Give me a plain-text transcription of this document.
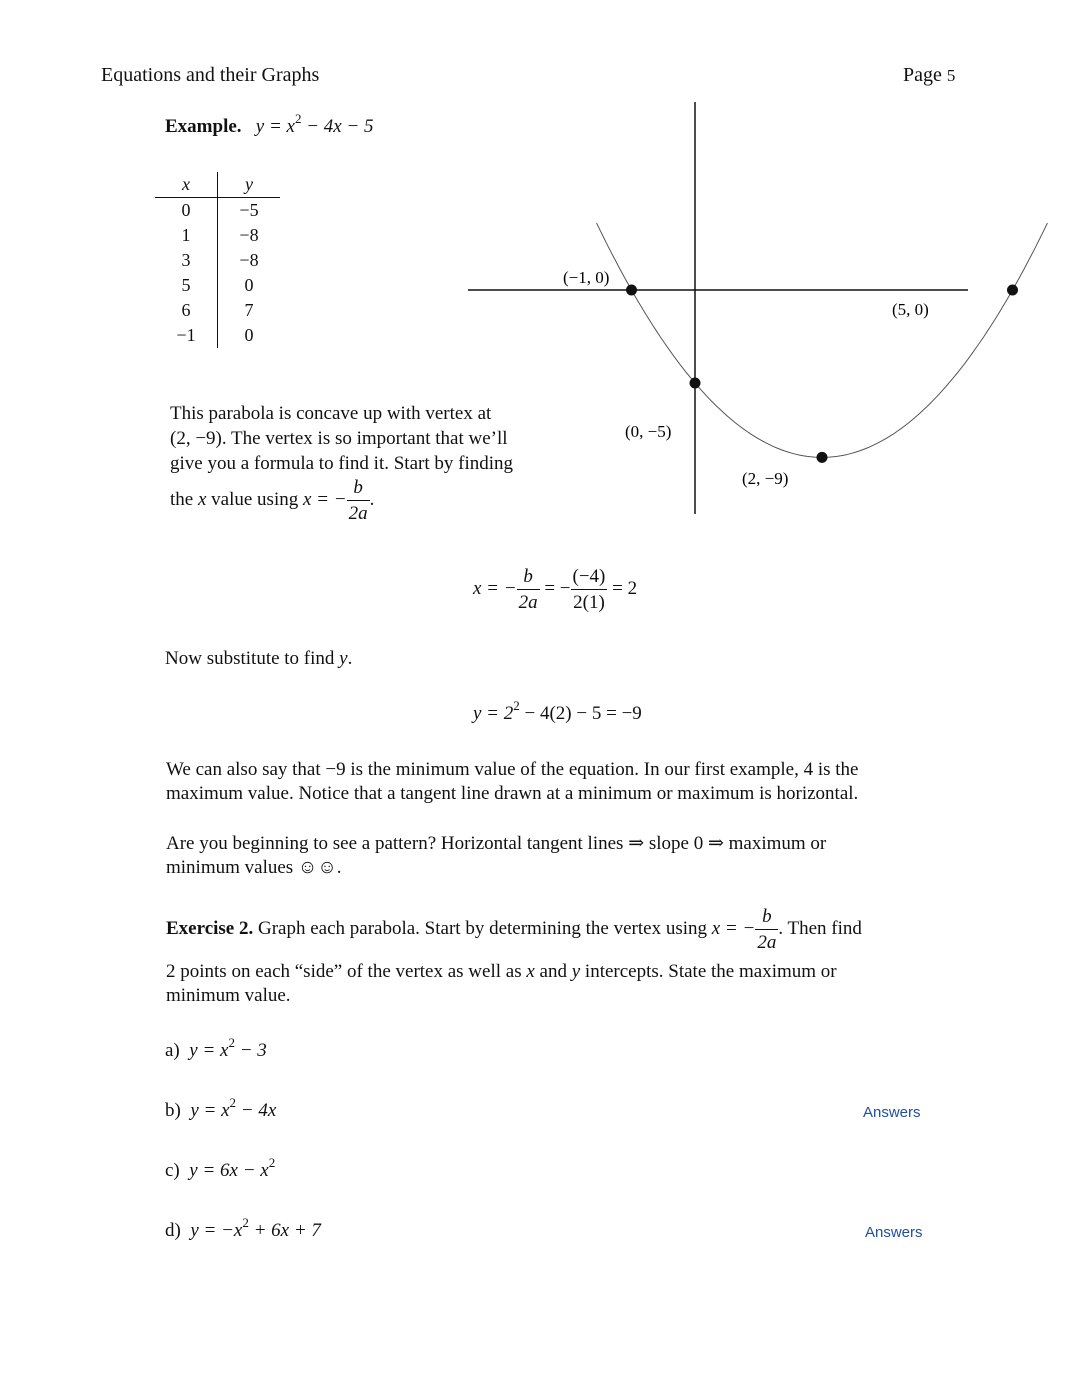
Equations and their Graphs	Page 5
Example. $y = x^2 - 4x - 5$
x	y
0	−5
1	−8
3	−8
5	0
6	7
−1	0
(−1, 0)
(5, 0)
(0, −5)
(2, −9)
This parabola is concave up with vertex at
(2, −9). The vertex is so important that we’ll
give you a formula to find it. Start by finding
the x value using x = − $\frac{b}{2a}$ .
x = − $\frac{b}{2a}$ = − $\frac{(-4)}{2(1)} = 2$
Now substitute to find y.
$y = 2^2 - 4(2) - 5 = -9$
We can also say that −9 is the minimum value of the equation. In our first example, 4 is the
maximum value. Notice that a tangent line drawn at a minimum or maximum is horizontal.
Are you beginning to see a pattern? Horizontal tangent lines ⇒ slope 0 ⇒ maximum or
minimum values ☺☺.
Exercise 2. Graph each parabola. Start by determining the vertex using x = − $\frac{b}{2a}$ . Then find
2 points on each “side” of the vertex as well as x and y intercepts. State the maximum or
minimum value.
a) $y = x^2 - 3$
b) $y = x^2 - 4x$
c) $y = 6x - x^2$
d) $y = -x^2 + 6x + 7$
Answers
Answers
